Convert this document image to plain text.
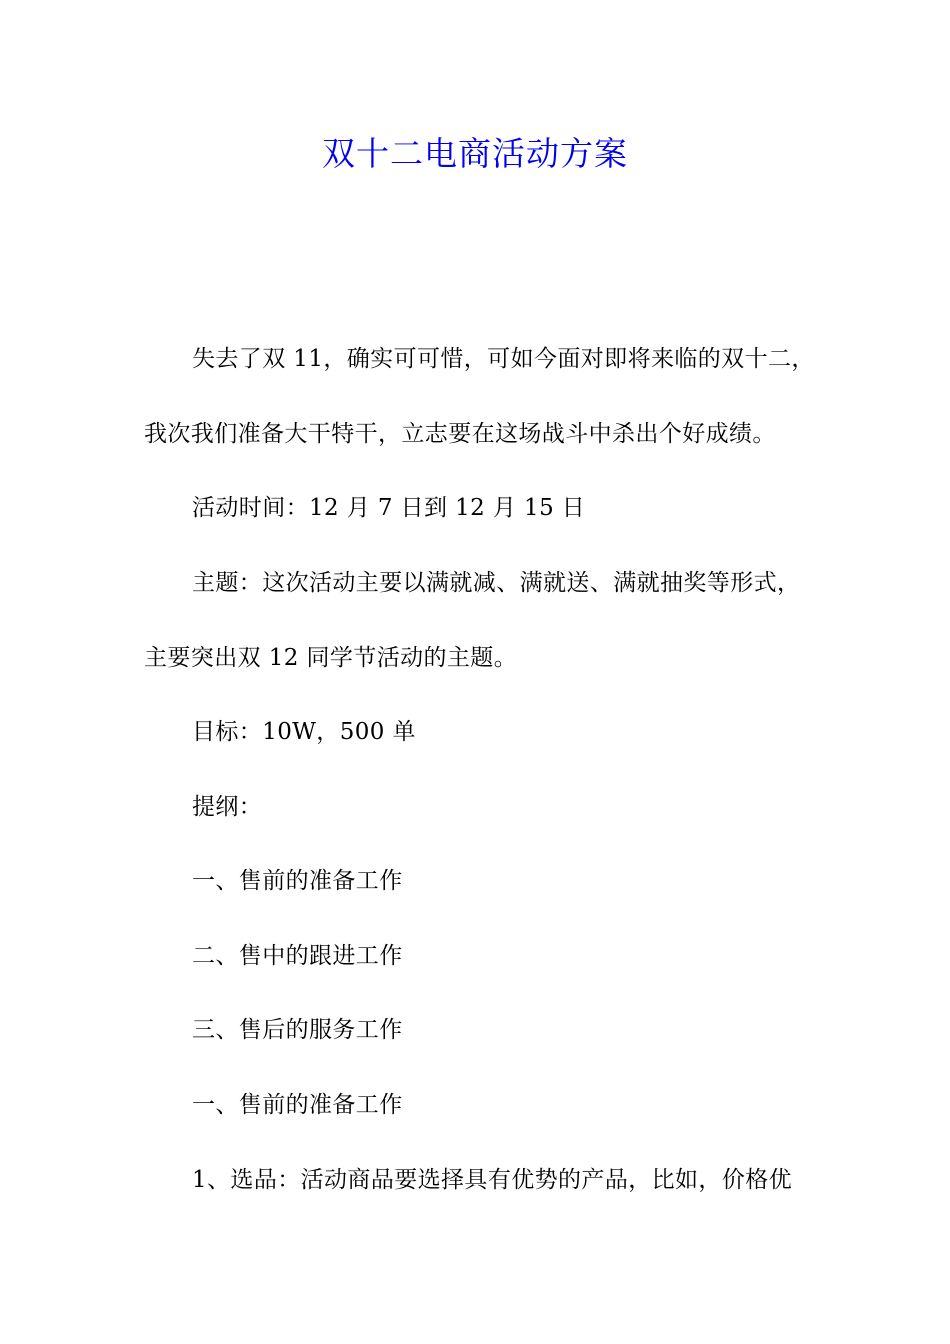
双十二电商活动方案
失去了双 11，确实可可惜，可如今面对即将来临的双十二，
我次我们准备大干特干，立志要在这场战斗中杀出个好成绩。
活动时间：12 月 7 日到 12 月 15 日
主题：这次活动主要以满就减、满就送、满就抽奖等形式，
主要突出双 12 同学节活动的主题。
目标：10W，500 单
提纲：
一、售前的准备工作
二、售中的跟进工作
三、售后的服务工作
一、售前的准备工作
1、选品：活动商品要选择具有优势的产品，比如，价格优
